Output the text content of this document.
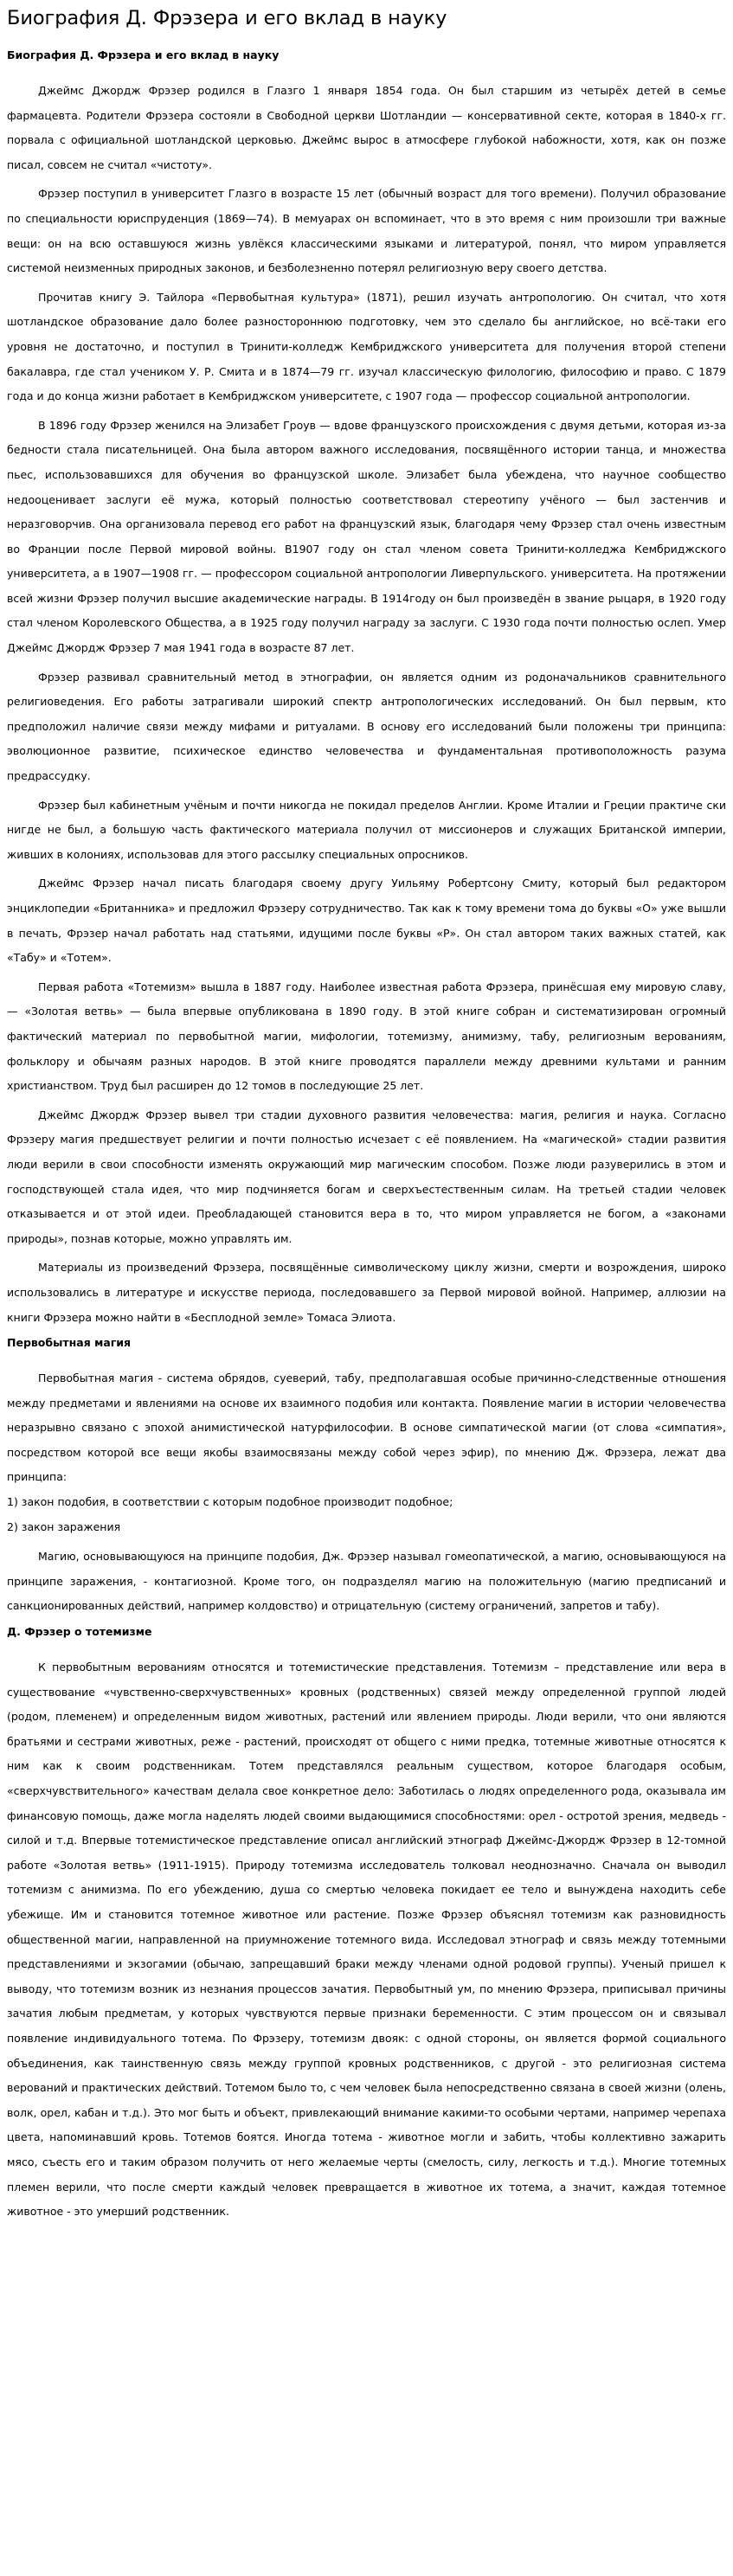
Биография Д. Фрэзера и его вклад в науку
Биография Д. Фрэзера и его вклад в науку

Джеймс Джордж Фрэзер родился в Глазго 1 января 1854 года. Он был старшим из четырёх детей в семье фармацевта. Родители Фрэзера состояли в Свободной церкви Шотландии — консервативной секте, которая в 1840-х гг. порвала с официальной шотландской церковью. Джеймс вырос в атмосфере глубокой набожности, хотя, как он позже писал, совсем не считал «чистоту».

Фрэзер поступил в университет Глазго в возрасте 15 лет (обычный возраст для того времени). Получил образование по специальности юриспруденция (1869—74). В мемуарах он вспоминает, что в это время с ним произошли три важные вещи: он на всю оставшуюся жизнь увлёкся классическими языками и литературой, понял, что миром управляется системой неизменных природных законов, и безболезненно потерял религиозную веру своего детства.

Прочитав книгу Э. Тайлора «Первобытная культура» (1871), решил изучать антропологию. Он считал, что хотя шотландское образование дало более разностороннюю подготовку, чем это сделало бы английское, но всё-таки его уровня не достаточно, и поступил в Тринити-колледж Кембриджского университета для получения второй степени бакалавра, где стал учеником У. Р. Смита и в 1874—79 гг. изучал классическую филологию, философию и право. С 1879 года и до конца жизни работает в Кембриджском университете, с 1907 года — профессор социальной антропологии.

В 1896 году Фрэзер женился на Элизабет Гроув — вдове французского происхождения с двумя детьми, которая из-за бедности стала писательницей. Она была автором важного исследования, посвящённого истории танца, и множества пьес, использовавшихся для обучения во французской школе. Элизабет была убеждена, что научное сообщество недооценивает заслуги её мужа, который полностью соответствовал стереотипу учёного — был застенчив и неразговорчив. Она организовала перевод его работ на французский язык, благодаря чему Фрэзер стал очень известным во Франции после Первой мировой войны. В1907 году он стал членом совета Тринити-колледжа Кембриджского университета, а в 1907—1908 гг. — профессором социальной антропологии Ливерпульского. университета. На протяжении всей жизни Фрэзер получил высшие академические награды. В 1914году он был произведён в звание рыцаря, в 1920 году стал членом Королевского Общества, а в 1925 году получил награду за заслуги. С 1930 года почти полностью ослеп. Умер Джеймс Джордж Фрэзер 7 мая 1941 года в возрасте 87 лет.

Фрэзер развивал сравнительный метод в этнографии, он является одним из родоначальников сравнительного религиоведения. Его работы затрагивали широкий спектр антропологических исследований. Он был первым, кто предположил наличие связи между мифами и ритуалами. В основу его исследований были положены три принципа: эволюционное развитие, психическое единство человечества и фундаментальная противоположность разума предрассудку.

Фрэзер был кабинетным учёным и почти никогда не покидал пределов Англии. Кроме Италии и Греции практиче ски нигде не был, а большую часть фактического материала получил от миссионеров и служащих Британской империи, живших в колониях, использовав для этого рассылку специальных опросников.

Джеймс Фрэзер начал писать благодаря своему другу Уильяму Робертсону Смиту, который был редактором энциклопедии «Британника» и предложил Фрэзеру сотрудничество. Так как к тому времени тома до буквы «О» уже вышли в печать, Фрэзер начал работать над статьями, идущими после буквы «Р». Он стал автором таких важных статей, как «Табу» и «Тотем».

Первая работа «Тотемизм» вышла в 1887 году. Наиболее известная работа Фрэзера, принёсшая ему мировую славу, — «Золотая ветвь» — была впервые опубликована в 1890 году. В этой книге собран и систематизирован огромный фактический материал по первобытной магии, мифологии, тотемизму, анимизму, табу, религиозным верованиям, фольклору и обычаям разных народов. В этой книге проводятся параллели между древними культами и ранним христианством. Труд был расширен до 12 томов в последующие 25 лет.

Джеймс Джордж Фрэзер вывел три стадии духовного развития человечества: магия, религия и наука. Согласно Фрэзеру магия предшествует религии и почти полностью исчезает с её появлением. На «магической» стадии развития люди верили в свои способности изменять окружающий мир магическим способом. Позже люди разуверились в этом и господствующей стала идея, что мир подчиняется богам и сверхъестественным силам. На третьей стадии человек отказывается и от этой идеи. Преобладающей становится вера в то, что миром управляется не богом, а «законами природы», познав которые, можно управлять им.

Материалы из произведений Фрэзера, посвящённые символическому циклу жизни, смерти и возрождения, широко использовались в литературе и искусстве периода, последовавшего за Первой мировой войной. Например, аллюзии на книги Фрэзера можно найти в «Бесплодной земле» Томаса Элиота.

Первобытная магия

Первобытная магия - система обрядов, суеверий, табу, предполагавшая особые причинно-следственные отношения между предметами и явлениями на основе их взаимного подобия или контакта. Появление магии в истории человечества неразрывно связано с эпохой анимистической натурфилософии. В основе симпатической магии (от слова «симпатия», посредством которой все вещи якобы взаимосвязаны между собой через эфир), по мнению Дж. Фрэзера, лежат два принципа:

1) закон подобия, в соответствии с которым подобное производит подобное;

2) закон заражения

Магию, основывающуюся на принципе подобия, Дж. Фрэзер называл гомеопатической, а магию, основывающуюся на принципе заражения, - контагиозной. Кроме того, он подразделял магию на положительную (магию предписаний и санкционированных действий, например колдовство) и отрицательную (систему ограничений, запретов и табу).

Д. Фрэзер о тотемизме

К первобытным верованиям относятся и тотемистические представления. Тотемизм – представление или вера в существование «чувственно-сверхчувственных» кровных (родственных) связей между определенной группой людей (родом, племенем) и определенным видом животных, растений или явлением природы. Люди верили, что они являются братьями и сестрами животных, реже - растений, происходят от общего с ними предка, тотемные животные относятся к ним как к своим родственникам. Тотем представлялся реальным существом, которое благодаря особым, «сверхчувствительного» качествам делала свое конкретное дело: Заботилась о людях определенного рода, оказывала им финансовую помощь, даже могла наделять людей своими выдающимися способностями: орел - остротой зрения, медведь - силой и т.д. Впервые тотемистическое представление описал английский этнограф Джеймс-Джордж Фрэзер в 12-томной работе «Золотая ветвь» (1911-1915). Природу тотемизма исследователь толковал неоднозначно. Сначала он выводил тотемизм с анимизма. По его убеждению, душа со смертью человека покидает ее тело и вынуждена находить себе убежище. Им и становится тотемное животное или растение. Позже Фрэзер объяснял тотемизм как разновидность общественной магии, направленной на приумножение тотемного вида. Исследовал этнограф и связь между тотемными представлениями и экзогамии (обычаю, запрещавший браки между членами одной родовой группы). Ученый пришел к выводу, что тотемизм возник из незнания процессов зачатия. Первобытный ум, по мнению Фрэзера, приписывал причины зачатия любым предметам, у которых чувствуются первые признаки беременности. С этим процессом он и связывал появление индивидуального тотема. По Фрэзеру, тотемизм двояк: с одной стороны, он является формой социального объединения, как таинственную связь между группой кровных родственников, с другой - это религиозная система верований и практических действий. Тотемом было то, с чем человек была непосредственно связана в своей жизни (олень, волк, орел, кабан и т.д.). Это мог быть и объект, привлекающий внимание какими-то особыми чертами, например черепаха цвета, напоминавший кровь. Тотемов боятся. Иногда тотема - животное могли и забить, чтобы коллективно зажарить мясо, съесть его и таким образом получить от него желаемые черты (смелость, силу, легкость и т.д.). Многие тотемных племен верили, что после смерти каждый человек превращается в животное их тотема, а значит, каждая тотемное животное - это умерший родственник.
